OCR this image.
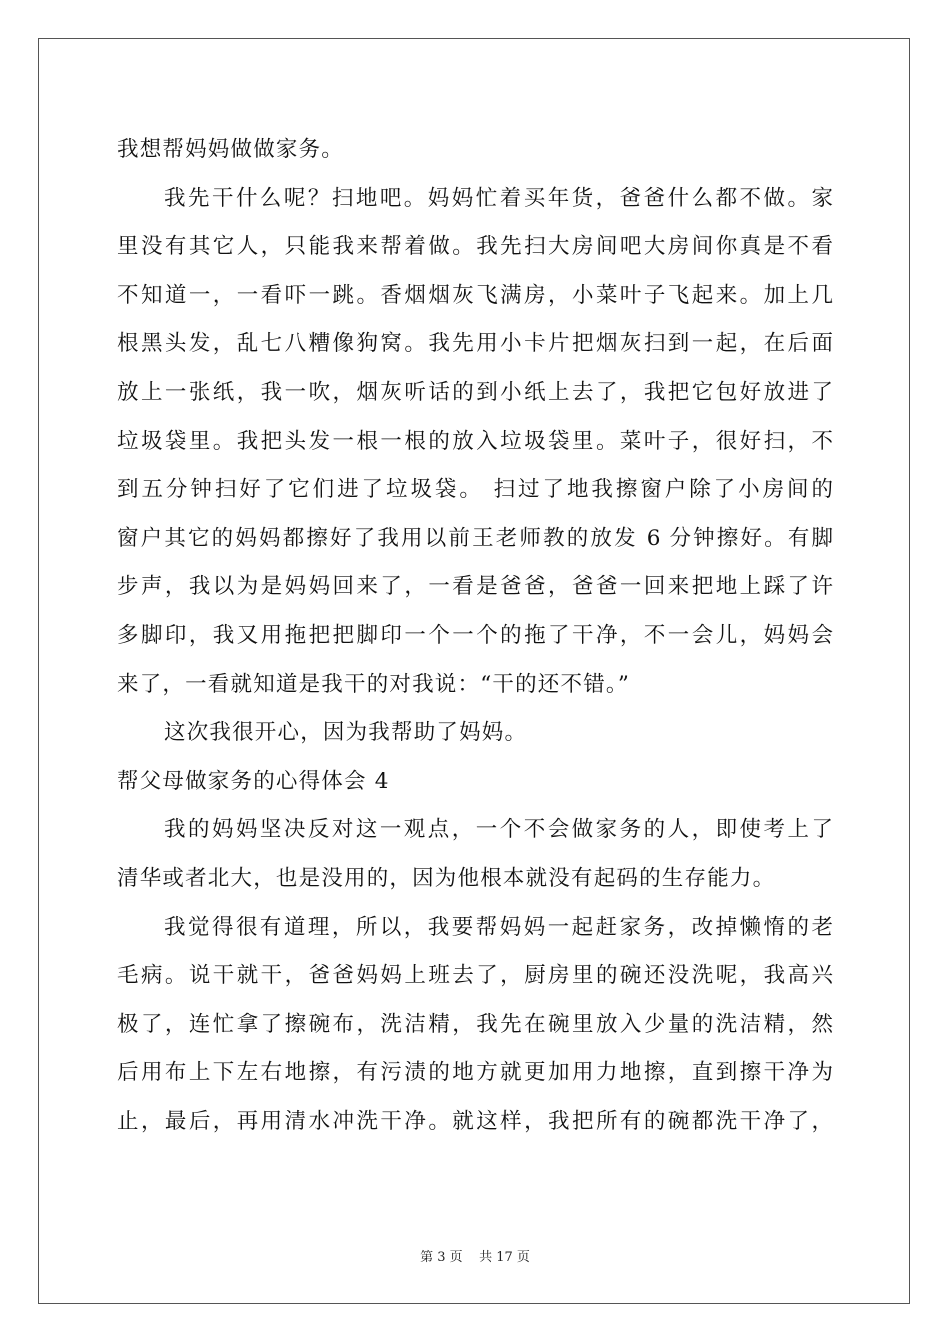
我想帮妈妈做做家务。
我先干什么呢？扫地吧。妈妈忙着买年货，爸爸什么都不做。家
里没有其它人，只能我来帮着做。我先扫大房间吧大房间你真是不看
不知道一，一看吓一跳。香烟烟灰飞满房，小菜叶子飞起来。加上几
根黑头发，乱七八糟像狗窝。我先用小卡片把烟灰扫到一起，在后面
放上一张纸，我一吹，烟灰听话的到小纸上去了，我把它包好放进了
垃圾袋里。我把头发一根一根的放入垃圾袋里。菜叶子，很好扫，不
到五分钟扫好了它们进了垃圾袋。 扫过了地我擦窗户除了小房间的
窗户其它的妈妈都擦好了我用以前王老师教的放发 6 分钟擦好。有脚
步声，我以为是妈妈回来了，一看是爸爸，爸爸一回来把地上踩了许
多脚印，我又用拖把把脚印一个一个的拖了干净，不一会儿，妈妈会
来了，一看就知道是我干的对我说：“干的还不错。”
这次我很开心，因为我帮助了妈妈。
帮父母做家务的心得体会 4
我的妈妈坚决反对这一观点，一个不会做家务的人，即使考上了
清华或者北大，也是没用的，因为他根本就没有起码的生存能力。
我觉得很有道理，所以，我要帮妈妈一起赶家务，改掉懒惰的老
毛病。说干就干，爸爸妈妈上班去了，厨房里的碗还没洗呢，我高兴
极了，连忙拿了擦碗布，洗洁精，我先在碗里放入少量的洗洁精，然
后用布上下左右地擦，有污渍的地方就更加用力地擦，直到擦干净为
止，最后，再用清水冲洗干净。就这样，我把所有的碗都洗干净了，
第 3 页    共 17 页
